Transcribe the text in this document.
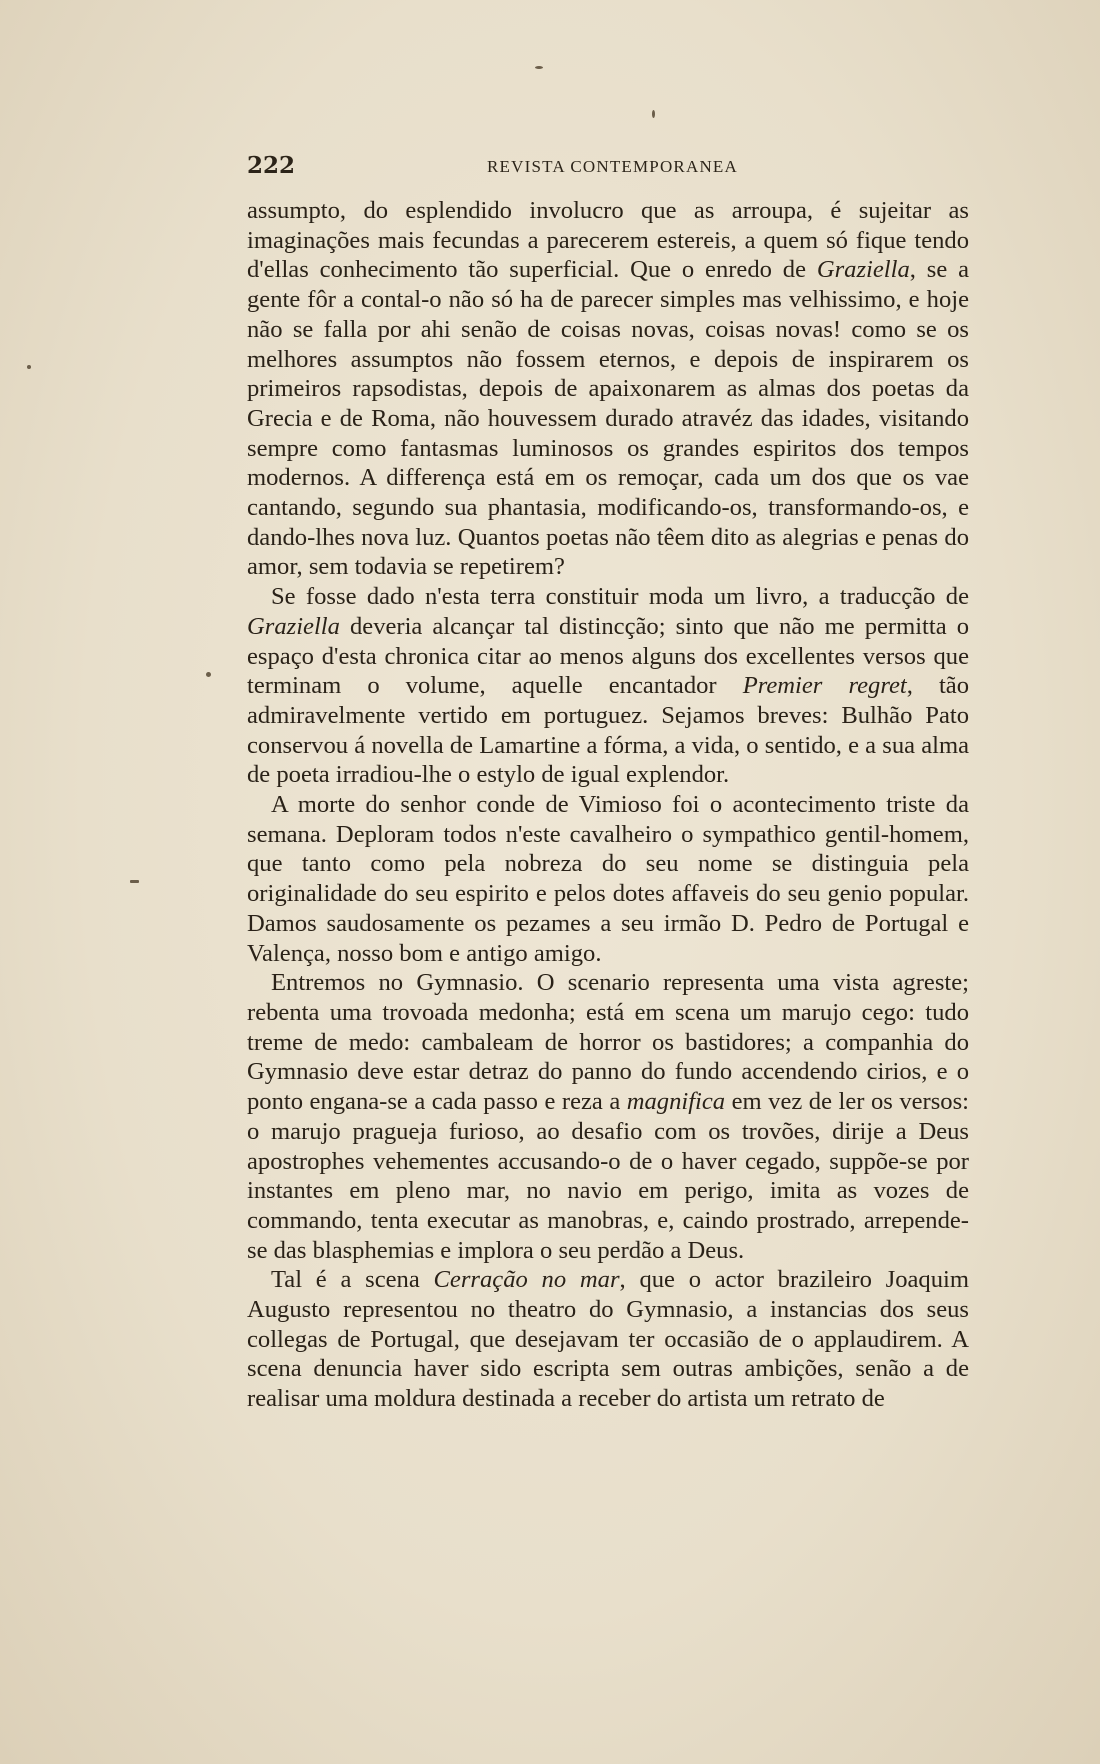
222	REVISTA CONTEMPORANEA

assumpto, do esplendido involucro que as arroupa, é sujeitar as imaginações mais fecundas a parecerem estereis, a quem só fique tendo d'ellas conhecimento tão superficial. Que o enredo de Graziella, se a gente fôr a contal-o não só ha de parecer simples mas velhissimo, e hoje não se falla por ahi senão de coisas novas, coisas novas! como se os melhores assumptos não fossem eternos, e depois de inspirarem os primeiros rapsodistas, depois de apaixonarem as almas dos poetas da Grecia e de Roma, não houvessem durado atravéz das idades, visitando sempre como fantasmas luminosos os grandes espiritos dos tempos modernos. A differença está em os remoçar, cada um dos que os vae cantando, segundo sua phantasia, modificando-os, transformando-os, e dando-lhes nova luz. Quantos poetas não têem dito as alegrias e penas do amor, sem todavia se repetirem?

Se fosse dado n'esta terra constituir moda um livro, a traducção de Graziella deveria alcançar tal distincção; sinto que não me permitta o espaço d'esta chronica citar ao menos alguns dos excellentes versos que terminam o volume, aquelle encantador Premier regret, tão admiravelmente vertido em portuguez. Sejamos breves: Bulhão Pato conservou á novella de Lamartine a fórma, a vida, o sentido, e a sua alma de poeta irradiou-lhe o estylo de igual explendor.

A morte do senhor conde de Vimioso foi o acontecimento triste da semana. Deploram todos n'este cavalheiro o sympathico gentil-homem, que tanto como pela nobreza do seu nome se distinguia pela originalidade do seu espirito e pelos dotes affaveis do seu genio popular. Damos saudosamente os pezames a seu irmão D. Pedro de Portugal e Valença, nosso bom e antigo amigo.

Entremos no Gymnasio. O scenario representa uma vista agreste; rebenta uma trovoada medonha; está em scena um marujo cego: tudo treme de medo: cambaleam de horror os bastidores; a companhia do Gymnasio deve estar detraz do panno do fundo accendendo cirios, e o ponto engana-se a cada passo e reza a magnifica em vez de ler os versos: o marujo pragueja furioso, ao desafio com os trovões, dirije a Deus apostrophes vehementes accusando-o de o haver cegado, suppõe-se por instantes em pleno mar, no navio em perigo, imita as vozes de commando, tenta executar as manobras, e, caindo prostrado, arrepende-se das blasphemias e implora o seu perdão a Deus.

Tal é a scena Cerração no mar, que o actor brazileiro Joaquim Augusto representou no theatro do Gymnasio, a instancias dos seus collegas de Portugal, que desejavam ter occasião de o applaudirem. A scena denuncia haver sido escripta sem outras ambições, senão a de realisar uma moldura destinada a receber do artista um retrato de
